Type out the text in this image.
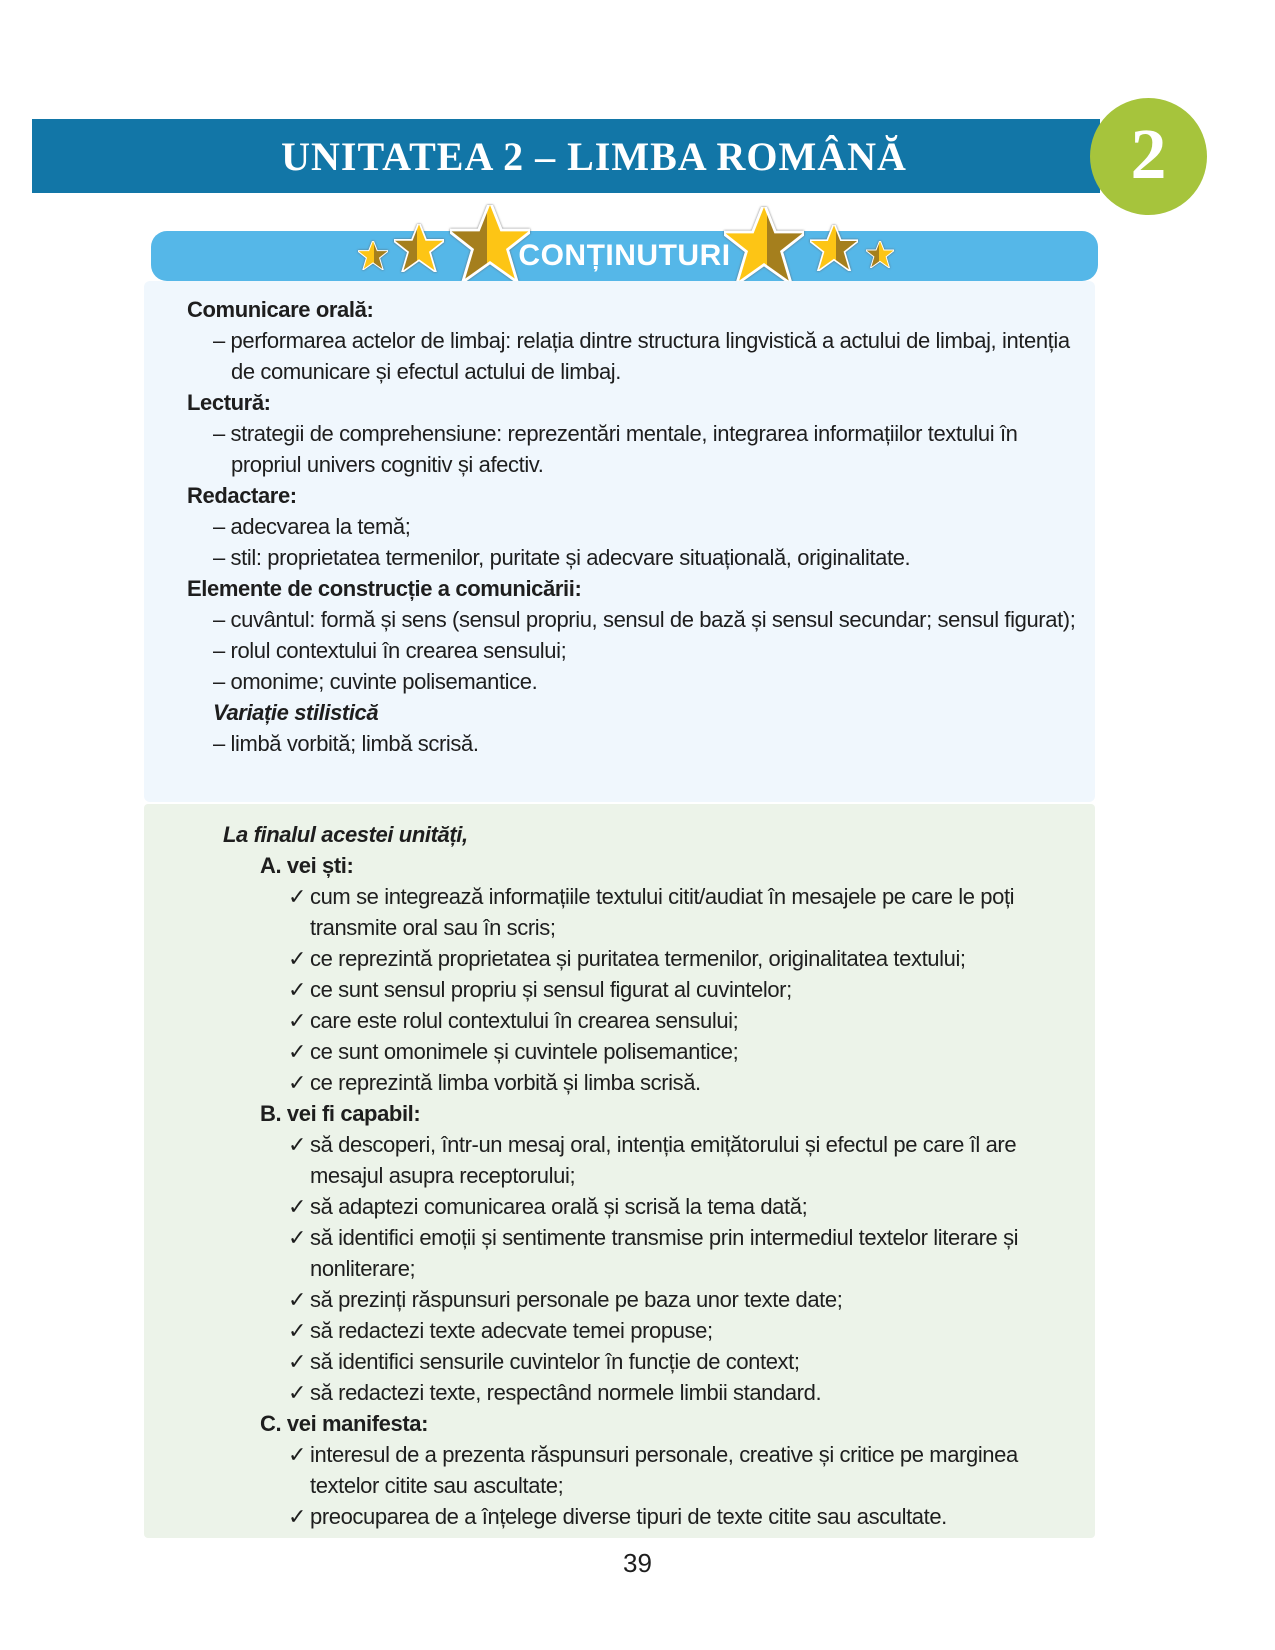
UNITATEA 2 – LIMBA ROMÂNĂ	2
CONȚINUTURI

Comunicare orală:

– performarea actelor de limbaj: relația dintre structura lingvistică a actului de limbaj, intenția de comunicare și efectul actului de limbaj.

Lectură:

– strategii de comprehensiune: reprezentări mentale, integrarea informațiilor textului în propriul univers cognitiv și afectiv.

Redactare:

– adecvarea la temă;

– stil: proprietatea termenilor, puritate și adecvare situațională, originalitate.

Elemente de construcție a comunicării:

– cuvântul: formă și sens (sensul propriu, sensul de bază și sensul secundar; sensul figurat);

– rolul contextului în crearea sensului;

– omonime; cuvinte polisemantice.

Variație stilistică

– limbă vorbită; limbă scrisă.

La finalul acestei unități,

A. vei ști:

✓ cum se integrează informațiile textului citit/audiat în mesajele pe care le poți transmite oral sau în scris;

✓ ce reprezintă proprietatea și puritatea termenilor, originalitatea textului;

✓ ce sunt sensul propriu și sensul figurat al cuvintelor;

✓ care este rolul contextului în crearea sensului;

✓ ce sunt omonimele și cuvintele polisemantice;

✓ ce reprezintă limba vorbită și limba scrisă.

B. vei fi capabil:

✓ să descoperi, într-un mesaj oral, intenția emițătorului și efectul pe care îl are mesajul asupra receptorului;

✓ să adaptezi comunicarea orală și scrisă la tema dată;

✓ să identifici emoții și sentimente transmise prin intermediul textelor literare și nonliterare;

✓ să prezinți răspunsuri personale pe baza unor texte date;

✓ să redactezi texte adecvate temei propuse;

✓ să identifici sensurile cuvintelor în funcție de context;

✓ să redactezi texte, respectând normele limbii standard.

C. vei manifesta:

✓ interesul de a prezenta răspunsuri personale, creative și critice pe marginea textelor citite sau ascultate;

✓ preocuparea de a înțelege diverse tipuri de texte citite sau ascultate.

39
